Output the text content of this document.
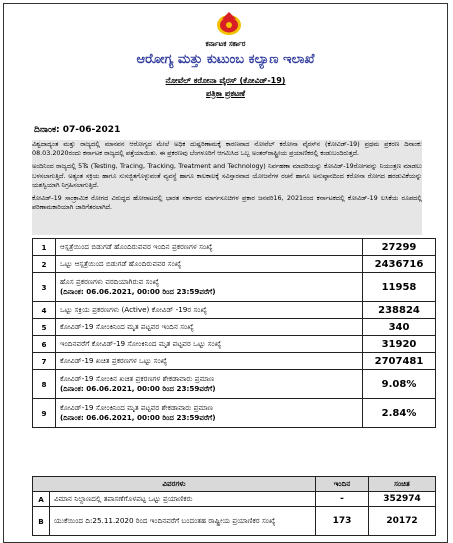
ಕರ್ನಾಟಕ ಸರ್ಕಾರ
ಆರೋಗ್ಯ ಮತ್ತು ಕುಟುಂಬ ಕಲ್ಯಾಣ ಇಲಾಖೆ
ನೋವೆಲ್ ಕರೋನಾ ವೈರಸ್ (ಕೋವಿಡ್-19)
ಪತ್ರಿಕಾ ಪ್ರಕಟಣೆ
ದಿನಾಂಕ: 07-06-2021

ವಿಶ್ವದಾದ್ಯಂತ ಮತ್ತು ರಾಜ್ಯದಲ್ಲಿ ಮಾನವನ ಆರೋಗ್ಯದ ಮೇಲೆ ಅಧಿಕ ದುಷ್ಪರಿಣಾಮಕ್ಕೆ ಕಾರಣವಾದ ನೋವೆಲ್ ಕರೋನಾ ವೈರಸ್‌ನ (ಕೋವಿಡ್-19) ಪ್ರಥಮ ಪ್ರಕರಣ ದಿನಾಂಕ: 08.03.2020ರಂದು ಕರ್ನಾಟಕ ರಾಜ್ಯದಲ್ಲಿ ಪತ್ತೆಯಾಯಿತು. ಈ ಪ್ರಕರಣವು ಬೆಂಗಳೂರಿಗೆ ಆಗಮಿಸಿದ ಒಬ್ಬ ಅಂತರ್‌ರಾಷ್ಟ್ರೀಯ ಪ್ರಯಾಣಿಕರಲ್ಲಿ ಕಂಡುಬಂದಿರುತ್ತದೆ.

ಅಂದಿನಿಂದ ರಾಜ್ಯದಲ್ಲಿ 5Ts (Testing, Tracing, Tracking, Treatment and Technology) ನಿರ್ವಹಣಾ ಮಾದರಿಯನ್ನು ಕೋವಿಡ್-19ರೋಗವನ್ನು ನಿಯಂತ್ರಣ ಮಾಡಲು ಬಳಸಲಾಗುತ್ತಿದೆ. ಅತ್ಯಂತ ಸಕ್ರಿಯ ಹಾಗೂ ಸುಸಜ್ಜಿತಗೊಳ್ಳುವಂತೆ ವ್ಯವಸ್ಥೆ ಹಾಗೂ ಕಾಲಕಾಲಕ್ಕೆ ಸವಿಸ್ತಾರವಾದ ಯೋಜನೆಗಳ ರಚನೆ ಹಾಗೂ ಅನುಷ್ಠಾನದಿಂದ ಕರೋನಾ ರೋಗದ ಹರಡುವಿಕೆಯನ್ನು ಯಶಸ್ವಿಯಾಗಿ ನಿಗ್ರಹಿಸಲಾಗುತ್ತಿದೆ.

ಕೋವಿಡ್-19 ಸಾಂಕ್ರಾಮಿಕ ರೋಗದ ವಿರುದ್ಧದ ಹೋರಾಟದಲ್ಲಿ ಭಾರತ ಸರ್ಕಾರದ ಮಾರ್ಗಸೂಚಿಗಳ ಪ್ರಕಾರ ಜನವರಿ16, 2021ರಂದ ಕರ್ನಾಟಕದಲ್ಲಿ ಕೋವಿಡ್-19 ಲಸಿಕೆಯ ರೂಪದಲ್ಲಿ ಪರಿಣಾಮಕಾರಿಯಾಗಿ ಜಾರಿಗೆತರಲಾಗಿದೆ.

1	ಆಸ್ಪತ್ರೆಯಿಂದ ಬಿಡುಗಡೆ ಹೊಂದಿರುವವರ ಇಂದಿನ ಪ್ರಕರಣಗಳ ಸಂಖ್ಯೆ	27299
2	ಒಟ್ಟು ಆಸ್ಪತ್ರೆಯಿಂದ ಬಿಡುಗಡೆ ಹೊಂದಿರುವವರ ಸಂಖ್ಯೆ	2436716
3	ಹೊಸ ಪ್ರಕರಣಗಳು ವರದಿಯಾಗಿರುವ ಸಂಖ್ಯೆ
(ದಿನಾಂಕ: 06.06.2021, 00:00 ರಿಂದ 23:59ವರೆಗೆ)	11958
4	ಒಟ್ಟು ಸಕ್ರಿಯ ಪ್ರಕರಣಗಳು (Active) ಕೋವಿಡ್ -19ರ ಸಂಖ್ಯೆ	238824
5	ಕೋವಿಡ್-19 ಸೋಂಕಿನಿಂದ ಮೃತ ಪಟ್ಟವರ ಇಂದಿನ ಸಂಖ್ಯೆ	340
6	ಇಂದಿನವರೆಗೆ ಕೋವಿಡ್-19 ಸೋಂಕಿನಿಂದ ಮೃತ ಪಟ್ಟವರ ಒಟ್ಟು ಸಂಖ್ಯೆ	31920
7	ಕೋವಿಡ್-19 ಖಚಿತ ಪ್ರಕರಣಗಳ ಒಟ್ಟು ಸಂಖ್ಯೆ	2707481
8	ಕೋವಿಡ್-19 ಸೋಂಕಿನ ಖಚಿತ ಪ್ರಕರಣಗಳ ಶೇಕಡಾವಾರು ಪ್ರಮಾಣ
(ದಿನಾಂಕ: 06.06.2021, 00:00 ರಿಂದ 23:59ವರೆಗೆ)	9.08%
9	ಕೋವಿಡ್-19 ಸೋಂಕಿನಿಂದ ಮೃತ ಪಟ್ಟವರ ಶೇಕಡಾವಾರು ಪ್ರಮಾಣ
(ದಿನಾಂಕ: 06.06.2021, 00:00 ರಿಂದ 23:59ವರೆಗೆ)	2.84%
ವಿವರಗಳು		ಇಂದಿನ	ಸಂಚಿತ
A	ವಿಮಾನ ನಿಲ್ದಾಣದಲ್ಲಿ ತಪಾಸಣೆಗೊಳಪಟ್ಟ ಒಟ್ಟು ಪ್ರಯಾಣಿಕರು	-	352974
B	ಯುಕೆಯಿಂದ ದಿ:25.11.2020 ರಿಂದ ಇಂದಿನವರೆಗೆ ಬಂದಂತಹ ರಾಷ್ಟ್ರೀಯ ಪ್ರಯಾಣಿಕರ ಸಂಖ್ಯೆ	173	20172
